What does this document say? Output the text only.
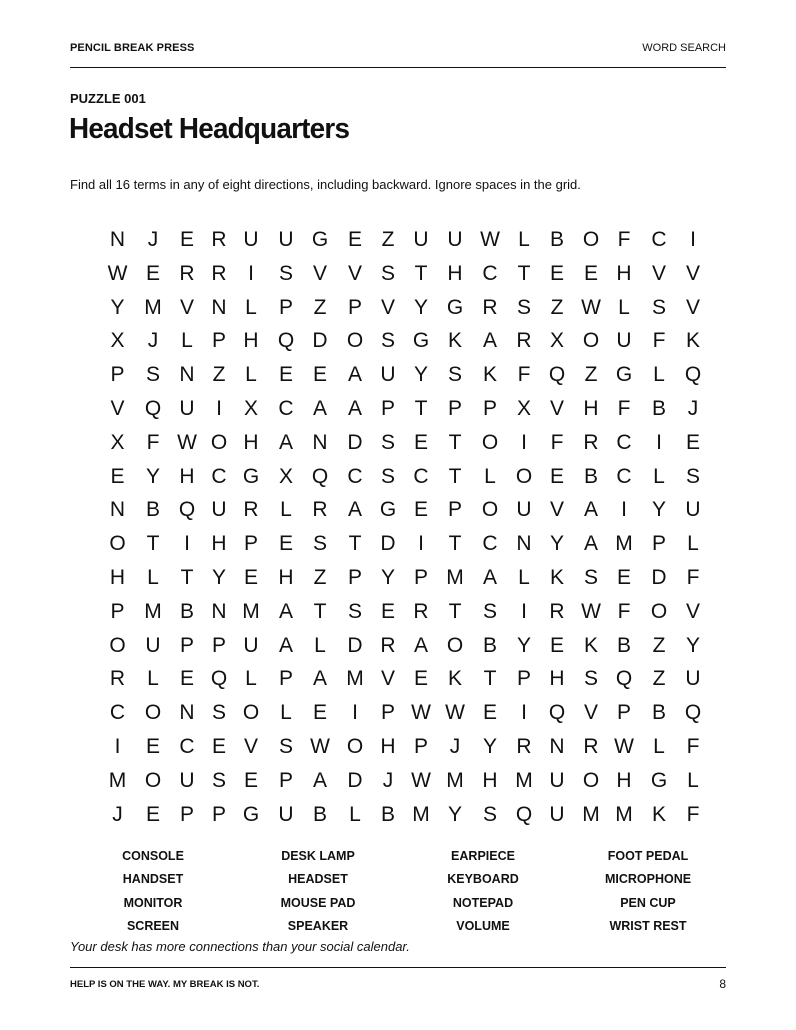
PENCIL BREAK PRESS	WORD SEARCH
PUZZLE 001
Headset Headquarters
Find all 16 terms in any of eight directions, including backward. Ignore spaces in the grid.
N	J	E R U U G E Z U U W L B O F C	I
W E R R	I	S V V S T H C T E E H V V
Y M V N L P Z P V Y G R S Z W L S V
X	J	L P H Q D O S G K A R X O U F K
P S N Z L E E A U Y S K F Q Z G L Q
V Q U	I	X C A A P T P P X V H F B	J
X F W O H A N D S E T O	I	F R C	I	E
E Y H C G X Q C S C T L O E B C L S
N B Q U R L R A G E P O U V A	I	Y U
O T	I	H P E S T D	I	T C N Y A M P L
H L T Y E H Z P Y P M A L K S E D F
P M B N M A T S E R T S	I	R W F O V
O U P P U A L D R A O B Y E K B Z Y
R L E Q L P A M V E K T P H S Q Z U
C O N S O L E	I	P W W E	I	Q V P B Q
I	E C E V S W O H P	J	Y R N R W L F
M O U S E P A D J W M H M U O H G L
J	E P P G U B L B M Y S Q U M M K F
CONSOLE	DESK LAMP	EARPIECE	FOOT PEDAL
HANDSET	HEADSET	KEYBOARD	MICROPHONE
MONITOR	MOUSE PAD	NOTEPAD	PEN CUP
SCREEN	SPEAKER	VOLUME	WRIST REST
Your desk has more connections than your social calendar.
HELP IS ON THE WAY. MY BREAK IS NOT.	8
